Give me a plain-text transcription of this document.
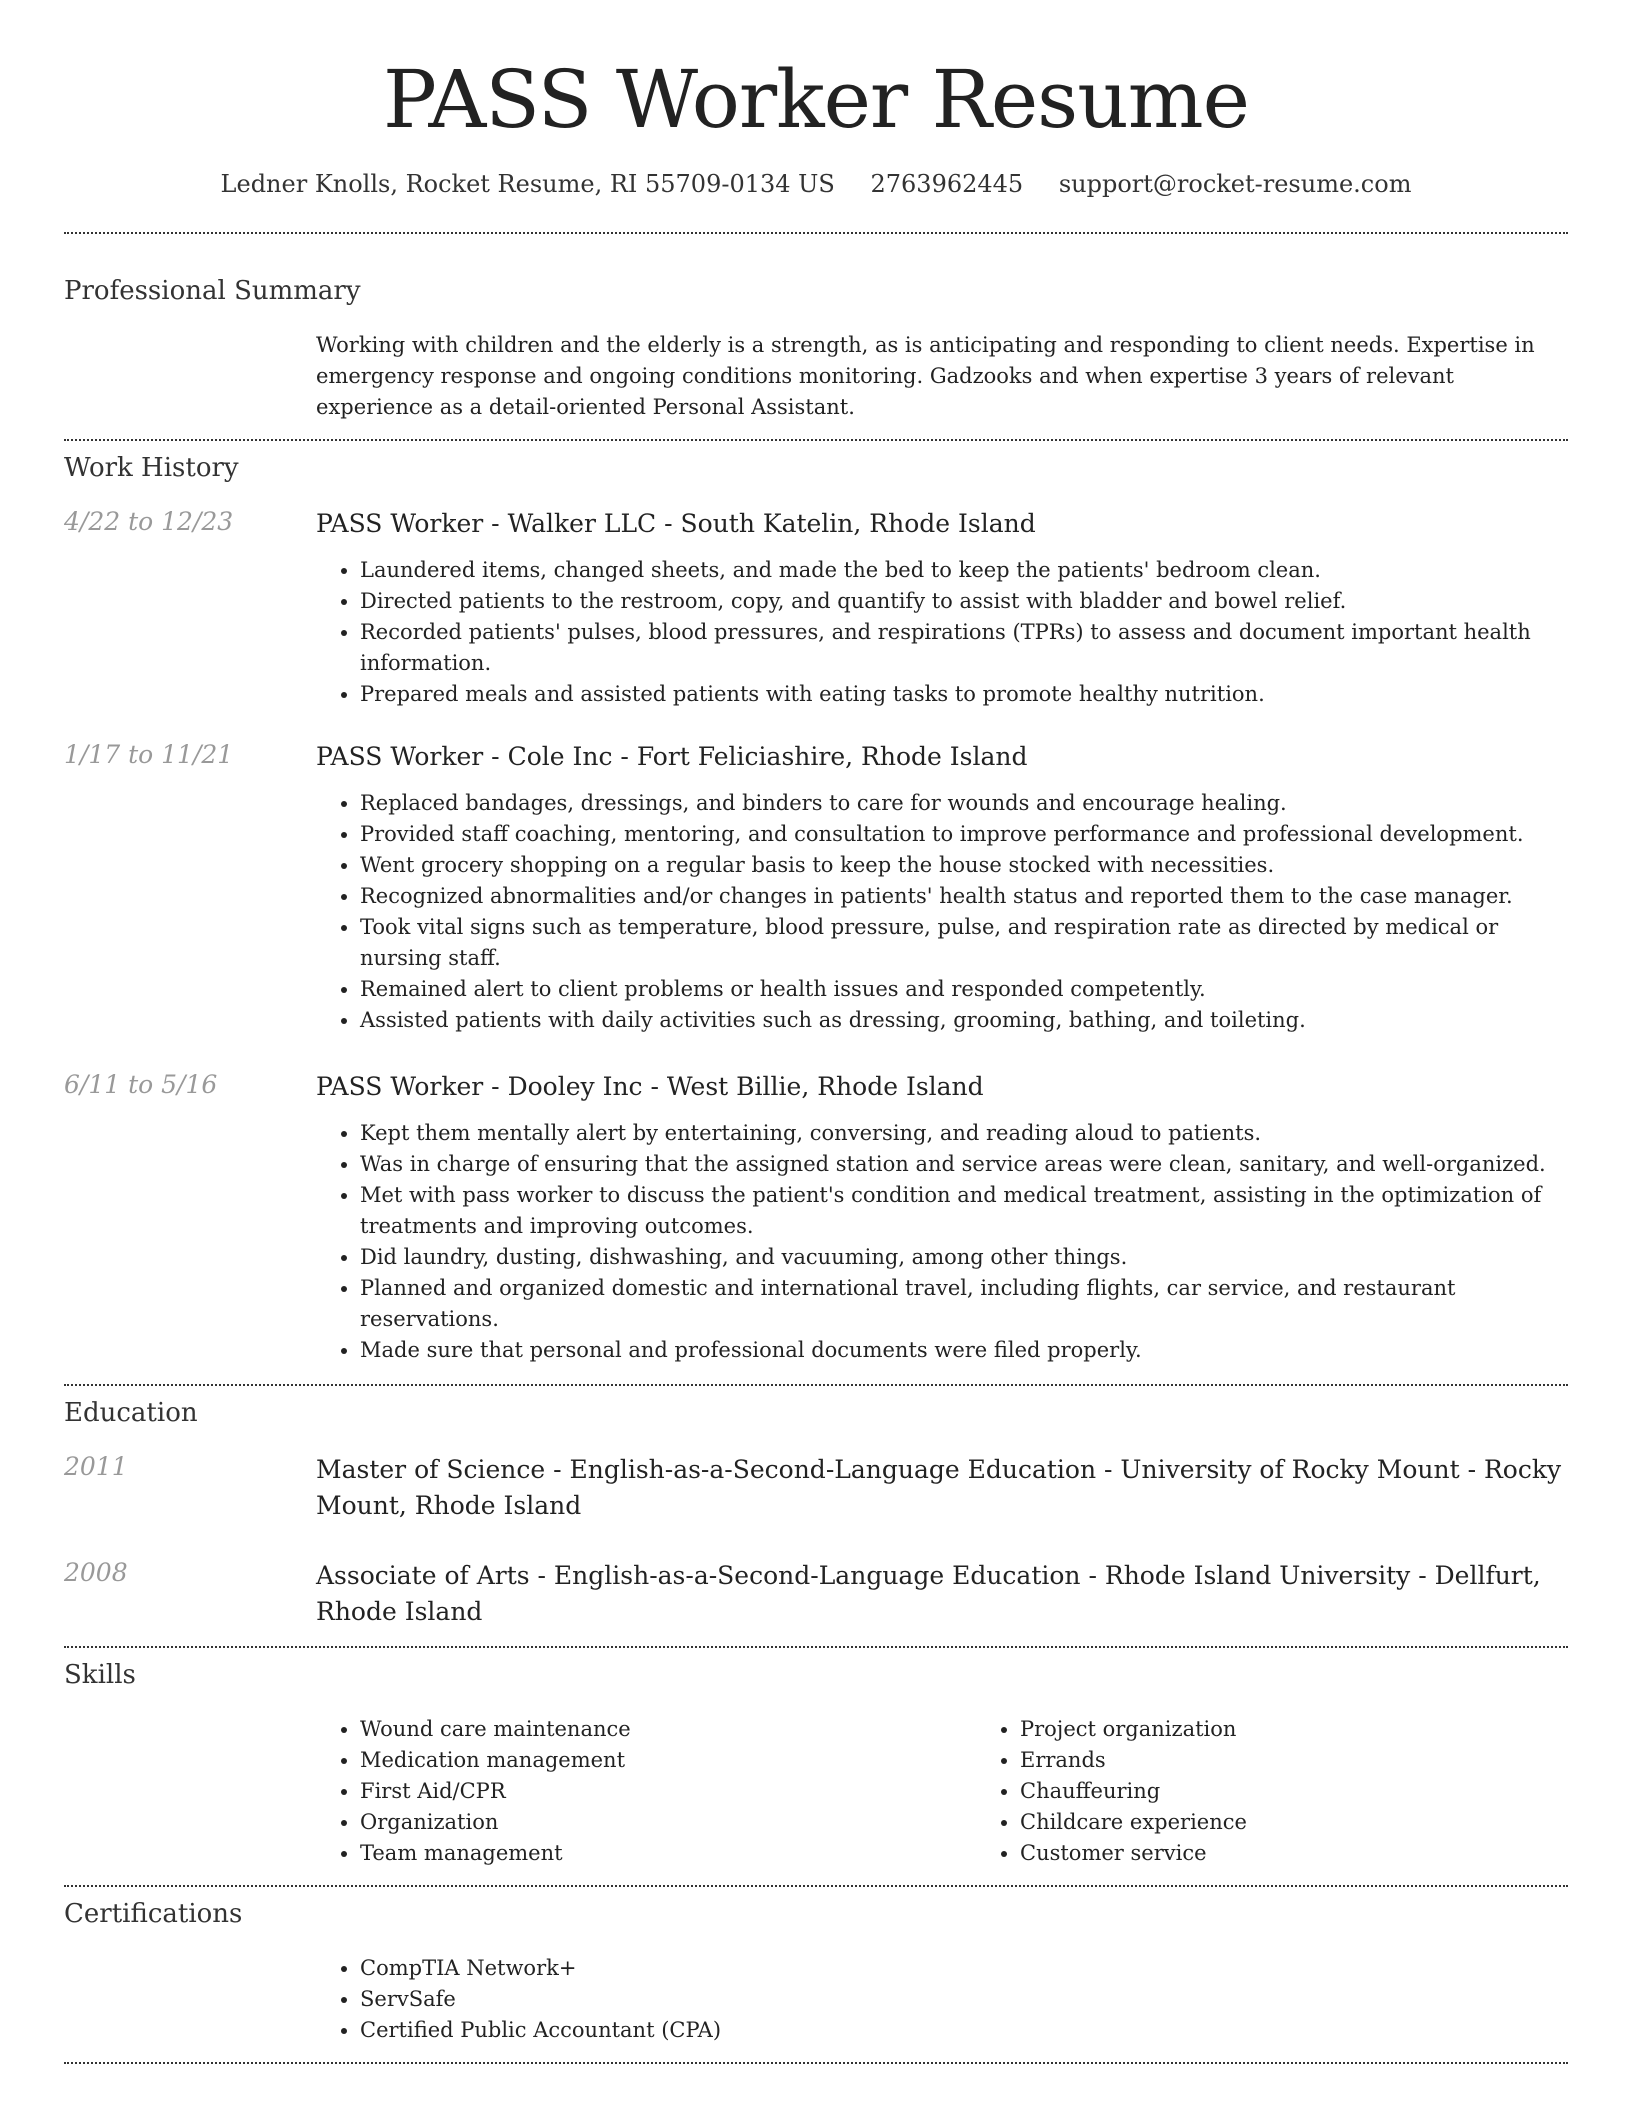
PASS Worker Resume
Ledner Knolls, Rocket Resume, RI 55709-0134 US 2763962445 support@rocket-resume.com
Professional Summary

Working with children and the elderly is a strength, as is anticipating and responding to client needs. Expertise in emergency response and ongoing conditions monitoring. Gadzooks and when expertise 3 years of relevant experience as a detail-oriented Personal Assistant.

Work History
4/22 to 12/23	PASS Worker - Walker LLC - South Katelin, Rhode Island

• Laundered items, changed sheets, and made the bed to keep the patients' bedroom clean.
• Directed patients to the restroom, copy, and quantify to assist with bladder and bowel relief.
• Recorded patients' pulses, blood pressures, and respirations (TPRs) to assess and document important health information.
• Prepared meals and assisted patients with eating tasks to promote healthy nutrition.
1/17 to 11/21	PASS Worker - Cole Inc - Fort Feliciashire, Rhode Island

• Replaced bandages, dressings, and binders to care for wounds and encourage healing.
• Provided staff coaching, mentoring, and consultation to improve performance and professional development.
• Went grocery shopping on a regular basis to keep the house stocked with necessities.
• Recognized abnormalities and/or changes in patients' health status and reported them to the case manager.
• Took vital signs such as temperature, blood pressure, pulse, and respiration rate as directed by medical or nursing staff.
• Remained alert to client problems or health issues and responded competently.
• Assisted patients with daily activities such as dressing, grooming, bathing, and toileting.
6/11 to 5/16	PASS Worker - Dooley Inc - West Billie, Rhode Island

• Kept them mentally alert by entertaining, conversing, and reading aloud to patients.
• Was in charge of ensuring that the assigned station and service areas were clean, sanitary, and well-organized.
• Met with pass worker to discuss the patient's condition and medical treatment, assisting in the optimization of treatments and improving outcomes.
• Did laundry, dusting, dishwashing, and vacuuming, among other things.
• Planned and organized domestic and international travel, including flights, car service, and restaurant reservations.
• Made sure that personal and professional documents were filed properly.
Education
2011	Master of Science - English-as-a-Second-Language Education - University of Rocky Mount - Rocky Mount, Rhode Island

2008	Associate of Arts - English-as-a-Second-Language Education - Rhode Island University - Dellfurt, Rhode Island

Skills
• Wound care maintenance
• Medication management
• First Aid/CPR
• Organization
• Team management
• Project organization
• Errands
• Chauffeuring
• Childcare experience
• Customer service
Certifications
• CompTIA Network+
• ServSafe
• Certified Public Accountant (CPA)
